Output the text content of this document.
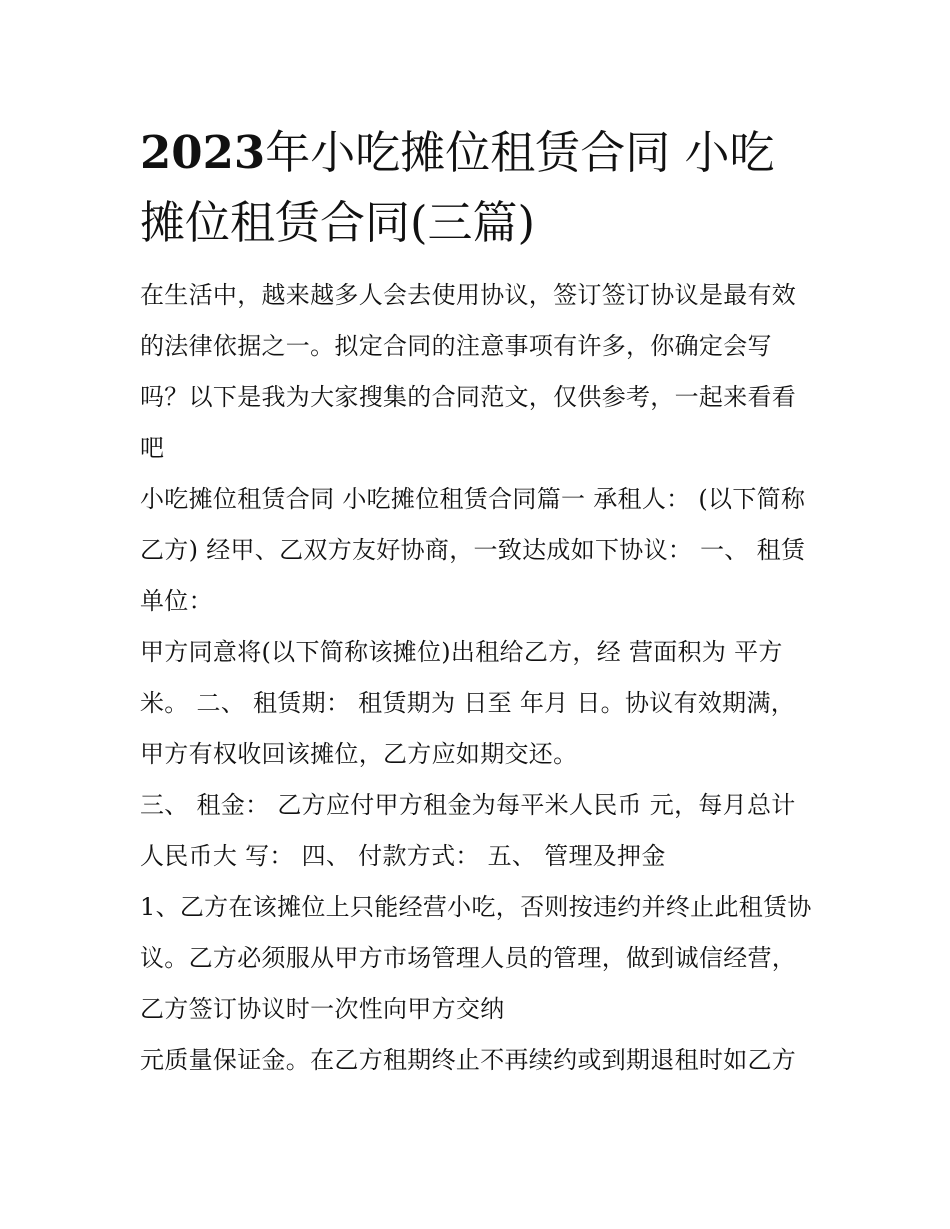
2023年小吃摊位租赁合同 小吃摊位租赁合同(三篇)

在生活中，越来越多人会去使用协议，签订签订协议是最有效的法律依据之一。拟定合同的注意事项有许多，你确定会写吗？以下是我为大家搜集的合同范文，仅供参考，一起来看看吧

小吃摊位租赁合同 小吃摊位租赁合同篇一 承租人： (以下简称乙方) 经甲、乙双方友好协商，一致达成如下协议： 一、 租赁单位：

甲方同意将(以下简称该摊位)出租给乙方，经 营面积为 平方米。 二、 租赁期： 租赁期为 日至 年月 日。协议有效期满，甲方有权收回该摊位，乙方应如期交还。

三、 租金： 乙方应付甲方租金为每平米人民币 元，每月总计人民币大 写： 四、 付款方式： 五、 管理及押金

1、乙方在该摊位上只能经营小吃，否则按违约并终止此租赁协议。乙方必须服从甲方市场管理人员的管理，做到诚信经营，乙方签订协议时一次性向甲方交纳

元质量保证金。在乙方租期终止不再续约或到期退租时如乙方
